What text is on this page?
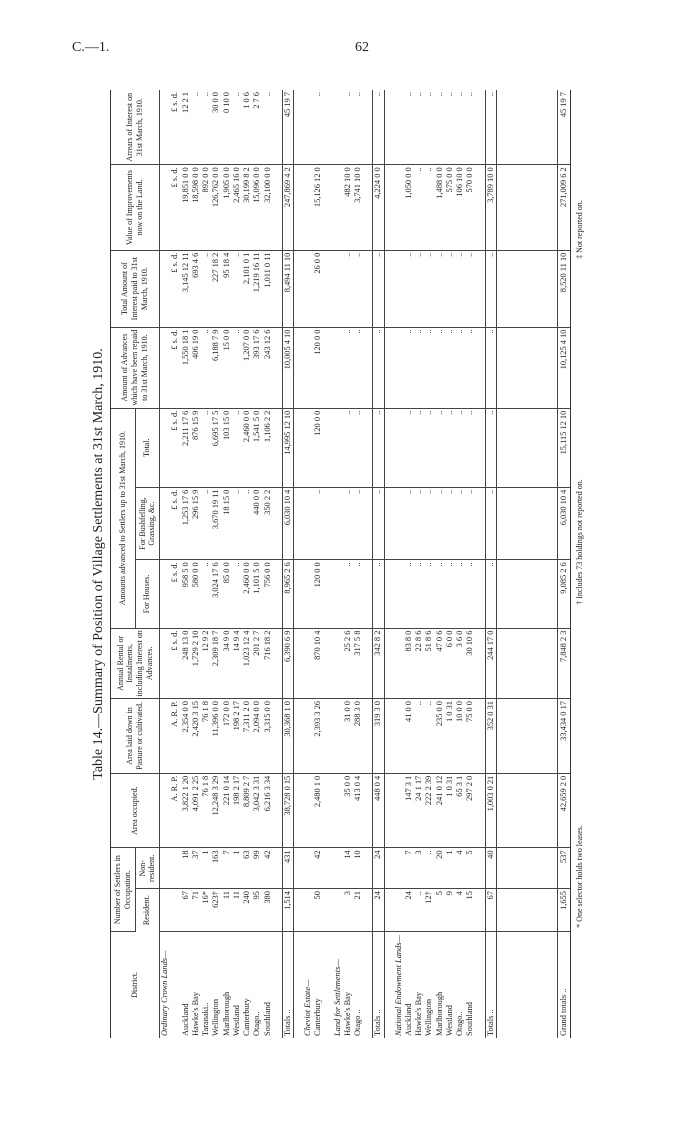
C.—1.	62
Table 14.—Summary of Position of Village Settlements at 31st March, 1910.
District.	Number of Settlers in Occupation.		Area occupied.	Area laid down in Pasture or cultivated.	Annual Rental or Instalments, including Interest on Advances.	Amounts advanced to Settlers up to 31st March, 1910.			Amount of Advances which have been repaid to 31st March, 1910.	Total Amount of Interest paid to 31st March, 1910.	Value of Improvements now on the Land.	Arrears of Interest on 31st March, 1910.
	Resident.	Non-resident.				For Houses.	For Bushfelling, Grassing, &c.	Total.				
Ordinary Crown Lands—												
			A. R. P.	A. R. P.	£ s. d.	£ s. d.	£ s. d.	£ s. d.	£ s. d.	£ s. d.	£ s. d.	£ s. d.
Auckland	67	18	3,822 1 20	2,354 0 0	248 13 0	958 5 0	1,253 17 6	2,211 17 6	1,550 18 1	3,145 12 11	19,851 0 0	12 2 1
Hawke's Bay	71	37	4,091 2 25	2,420 3 15	1,729 2 10	580 0 0	296 15 9	876 15 9	406 19 0	693 4 6	18,598 0 0	..
Taranaki..	16*	1	76 1 8	76 1 8	12 9 2	..	..	..	..	..	892 0 0	..
Wellington	623†	163	12,248 3 29	11,396 0 0	2,309 18 7	3,024 17 6	3,670 19 11	6,695 17 5	6,188 7 9	227 18 2	126,762 0 0	30 0 0
Marlborough	11	7	221 0 14	172 0 0	34 9 0	85 0 0	18 15 0	103 15 0	15 0 0	95 18 4	1,905 0 0	0 10 0
Westland	11	1	198 2 17	198 2 17	14 9 4	..	..	..	..	..	2,465 16 0	..
Canterbury	240	63	8,809 2 7	7,311 2 0	1,023 12 4	2,460 0 0	..	2,460 0 0	1,207 0 0	2,101 0 1	30,199 8 2	1 0 6
Otago..	95	99	3,042 3 31	2,094 0 0	201 2 7	1,101 5 0	440 0 0	1,541 5 0	393 17 6	1,219 16 11	15,096 0 0	2 7 6
Southland	380	42	6,216 3 34	3,315 0 0	716 18 2	756 0 0	350 2 2	1,106 2 2	243 12 6	1,011 0 11	32,100 0 0	..

Totals ..	1,514	431	38,728 0 15	30,368 1 0	6,390 6 9	8,965 2 6	6,030 10 4	14,995 12 10	10,005 4 10	8,494 11 10	247,869 4 2	45 19 7

Cheviot Estate—												
Canterbury	50	42	2,480 1 0	2,393 3 26	870 10 4	120 0 0	..	120 0 0	120 0 0	26 0 0	15,126 12 0	..

Land for Settlements—												
Hawke's Bay	3	14	35 0 0	31 0 0	25 2 6	..	..	..	..	..	482 10 0	..
Otago ..	21	10	413 0 4	288 3 0	317 5 8	..	..	..	..	..	3,741 10 0	..

Totals ..	24	24	448 0 4	319 3 0	342 8 2	..	..	..	..	..	4,224 0 0	..

National Endowment Lands—												
Auckland	24	7	147 3 1	41 0 0	83 8 0	..	..	..	..	..	1,050 0 0	..
Hawke's Bay	..	3	24 1 17	..	22 8 6	..	..	..	..	..	..	..
Wellington	12†	..	222 2 39	..	51 8 6	..	..	..	..	..	..	..
Marlborough	5	20	241 0 12	235 0 0	47 0 6	..	..	..	..	..	1,488 0 0	..
Westland	9	1	1 0 31	1 0 31	6 0 0	..	..	..	..	..	575 0 0	..
Otago..	4	4	65 3 1	10 0 0	3 6 0	..	..	..	..	..	106 10 0	..
Southland	15	5	297 2 0	75 0 0	30 10 6	..	..	..	..	..	570 0 0	..

Totals ..	67	40	1,003 0 21	352 0 31	244 17 0	..	..	..	..	..	3,789 10 0	..

Grand totals ..	1,655	537	42,659 2 0	33,434 0 17	7,848 2 3	9,085 2 6	6,030 10 4	15,115 12 10	10,125 4 10	8,520 11 10	271,009 6 2	45 19 7
* One selector holds two leases.
† Includes 73 holdings not reported on.
‡ Not reported on.
